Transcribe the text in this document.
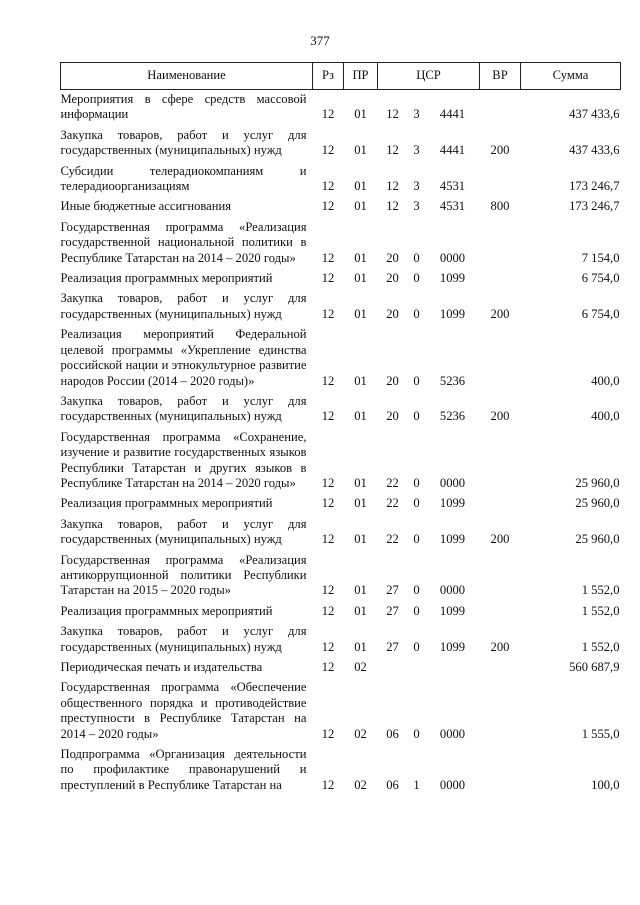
377
Наименование	Рз	ПР	ЦСР			ВР	Сумма
Мероприятия в сфере средств массовой информации	12	01	12	3	4441		437 433,6
Закупка товаров, работ и услуг для государственных (муниципальных) нужд	12	01	12	3	4441	200	437 433,6
Субсидии телерадиокомпаниям и телерадиоорганизациям	12	01	12	3	4531		173 246,7
Иные бюджетные ассигнования	12	01	12	3	4531	800	173 246,7
Государственная программа «Реализация государственной национальной политики в Республике Татарстан на 2014 – 2020 годы»	12	01	20	0	0000		7 154,0
Реализация программных мероприятий	12	01	20	0	1099		6 754,0
Закупка товаров, работ и услуг для государственных (муниципальных) нужд	12	01	20	0	1099	200	6 754,0
Реализация мероприятий Федеральной целевой программы «Укрепление единства российской нации и этнокультурное развитие народов России (2014 – 2020 годы)»	12	01	20	0	5236		400,0
Закупка товаров, работ и услуг для государственных (муниципальных) нужд	12	01	20	0	5236	200	400,0
Государственная программа «Сохранение, изучение и развитие государственных языков Республики Татарстан и других языков в Республике Татарстан на 2014 – 2020 годы»	12	01	22	0	0000		25 960,0
Реализация программных мероприятий	12	01	22	0	1099		25 960,0
Закупка товаров, работ и услуг для государственных (муниципальных) нужд	12	01	22	0	1099	200	25 960,0
Государственная программа «Реализация антикоррупционной политики Республики Татарстан на 2015 – 2020 годы»	12	01	27	0	0000		1 552,0
Реализация программных мероприятий	12	01	27	0	1099		1 552,0
Закупка товаров, работ и услуг для государственных (муниципальных) нужд	12	01	27	0	1099	200	1 552,0
Периодическая печать и издательства	12	02					560 687,9
Государственная программа «Обеспечение общественного порядка и противодействие преступности в Республике Татарстан на 2014 – 2020 годы»	12	02	06	0	0000		1 555,0
Подпрограмма «Организация деятельности по профилактике правонарушений и преступлений в Республике Татарстан на	12	02	06	1	0000		100,0
